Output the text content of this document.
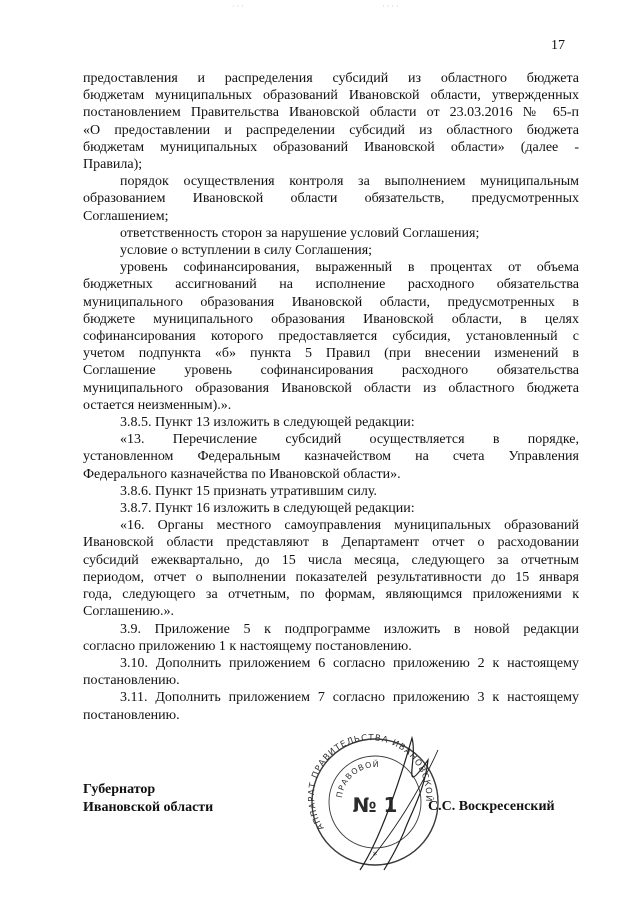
· · ·	· · · ·
17

предоставления и распределения субсидий из областного бюджета

бюджетам муниципальных образований Ивановской области, утвержденных

постановлением Правительства Ивановской области от 23.03.2016 № 65-п

«О предоставлении и распределении субсидий из областного бюджета

бюджетам муниципальных образований Ивановской области» (далее -

Правила);

порядок осуществления контроля за выполнением муниципальным

образованием Ивановской области обязательств, предусмотренных

Соглашением;

ответственность сторон за нарушение условий Соглашения;

условие о вступлении в силу Соглашения;

уровень софинансирования, выраженный в процентах от объема

бюджетных ассигнований на исполнение расходного обязательства

муниципального образования Ивановской области, предусмотренных в

бюджете муниципального образования Ивановской области, в целях

софинансирования которого предоставляется субсидия, установленный с

учетом подпункта «б» пункта 5 Правил (при внесении изменений в

Соглашение уровень софинансирования расходного обязательства

муниципального образования Ивановской области из областного бюджета

остается неизменным).».

3.8.5. Пункт 13 изложить в следующей редакции:

«13. Перечисление субсидий осуществляется в порядке,

установленном Федеральным казначейством на счета Управления

Федерального казначейства по Ивановской области».

3.8.6. Пункт 15 признать утратившим силу.

3.8.7. Пункт 16 изложить в следующей редакции:

«16. Органы местного самоуправления муниципальных образований

Ивановской области представляют в Департамент отчет о расходовании

субсидий ежеквартально, до 15 числа месяца, следующего за отчетным

периодом, отчет о выполнении показателей результативности до 15 января

года, следующего за отчетным, по формам, являющимся приложениями к

Соглашению.».

3.9. Приложение 5 к подпрограмме изложить в новой редакции

согласно приложению 1 к настоящему постановлению.

3.10. Дополнить приложением 6 согласно приложению 2 к настоящему

постановлению.

3.11. Дополнить приложением 7 согласно приложению 3 к настоящему

постановлению.

АППАРАТ ПРАВИТЕЛЬСТВА ИВАНОВСКОЙ
ПРАВОВОЙ
№ 1
*
Губернатор
Ивановской области	С.С. Воскресенский
